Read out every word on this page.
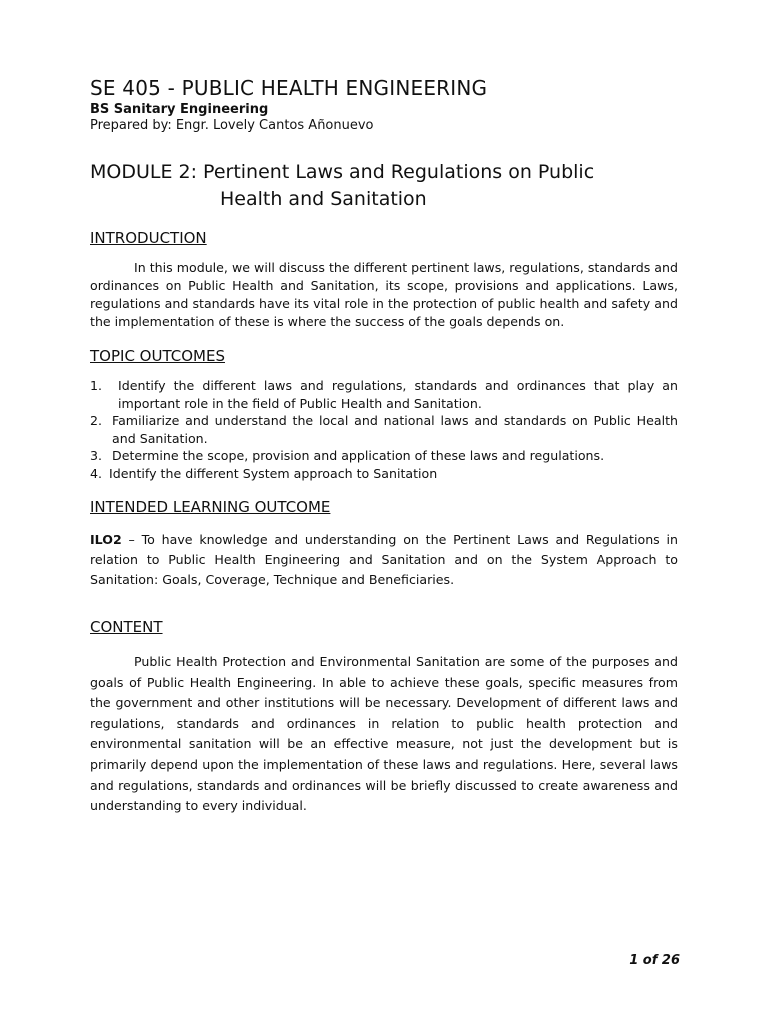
SE 405 - PUBLIC HEALTH ENGINEERING

BS Sanitary Engineering

Prepared by: Engr. Lovely Cantos Añonuevo

MODULE 2: Pertinent Laws and Regulations on Public
Health and Sanitation
INTRODUCTION

In this module, we will discuss the different pertinent laws, regulations, standards and ordinances on Public Health and Sanitation, its scope, provisions and applications. Laws, regulations and standards have its vital role in the protection of public health and safety and the implementation of these is where the success of the goals depends on.

TOPIC OUTCOMES
1.	Identify the different laws and regulations, standards and ordinances that play an important role in the field of Public Health and Sanitation.
2. Familiarize and understand the local and national laws and standards on Public Health and Sanitation.
3. Determine the scope, provision and application of these laws and regulations.
4. Identify the different System approach to Sanitation
INTENDED LEARNING OUTCOME

ILO2 – To have knowledge and understanding on the Pertinent Laws and Regulations in relation to Public Health Engineering and Sanitation and on the System Approach to Sanitation: Goals, Coverage, Technique and Beneficiaries.

CONTENT

Public Health Protection and Environmental Sanitation are some of the purposes and goals of Public Health Engineering. In able to achieve these goals, specific measures from the government and other institutions will be necessary. Development of different laws and regulations, standards and ordinances in relation to public health protection and environmental sanitation will be an effective measure, not just the development but is primarily depend upon the implementation of these laws and regulations. Here, several laws and regulations, standards and ordinances will be briefly discussed to create awareness and understanding to every individual.

1 of 26
